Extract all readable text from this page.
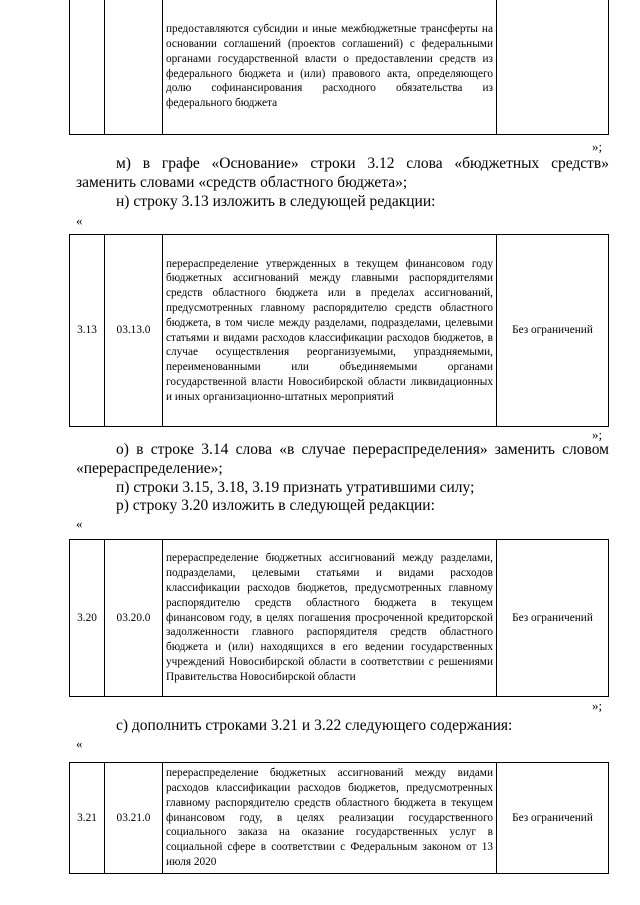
		предоставляются субсидии и иные межбюджетные трансферты на основании соглашений (проектов соглашений) с федеральными органами государственной власти о предоставлении средств из федерального бюджета и (или) правового акта, определяющего долю софинансирования расходного обязательства из федерального бюджета	
»;

м) в графе «Основание» строки 3.12 слова «бюджетных средств» заменить словами «средств областного бюджета»;

н) строку 3.13 изложить в следующей редакции:

«
3.13	03.13.0	перераспределение утвержденных в текущем финансовом году бюджетных ассигнований между главными распорядителями средств областного бюджета или в пределах ассигнований, предусмотренных главному распорядителю средств областного бюджета, в том числе между разделами, подразделами, целевыми статьями и видами расходов классификации расходов бюджетов, в случае осуществления реорганизуемыми, упраздняемыми, переименованными или объединяемыми органами государственной власти Новосибирской области ликвидационных и иных организационно-штатных мероприятий	Без ограничений
»;

о) в строке 3.14 слова «в случае перераспределения» заменить словом «перераспределение»;

п) строки 3.15, 3.18, 3.19 признать утратившими силу;

р) строку 3.20 изложить в следующей редакции:

«
3.20	03.20.0	перераспределение бюджетных ассигнований между разделами, подразделами, целевыми статьями и видами расходов классификации расходов бюджетов, предусмотренных главному распорядителю средств областного бюджета в текущем финансовом году, в целях погашения просроченной кредиторской задолженности главного распорядителя средств областного бюджета и (или) находящихся в его ведении государственных учреждений Новосибирской области в соответствии с решениями Правительства Новосибирской области	Без ограничений
»;

с) дополнить строками 3.21 и 3.22 следующего содержания:

«
3.21	03.21.0	перераспределение бюджетных ассигнований между видами расходов классификации расходов бюджетов, предусмотренных главному распорядителю средств областного бюджета в текущем финансовом году, в целях реализации государственного социального заказа на оказание государственных услуг в социальной сфере в соответствии с Федеральным законом от 13 июля 2020	Без ограничений
